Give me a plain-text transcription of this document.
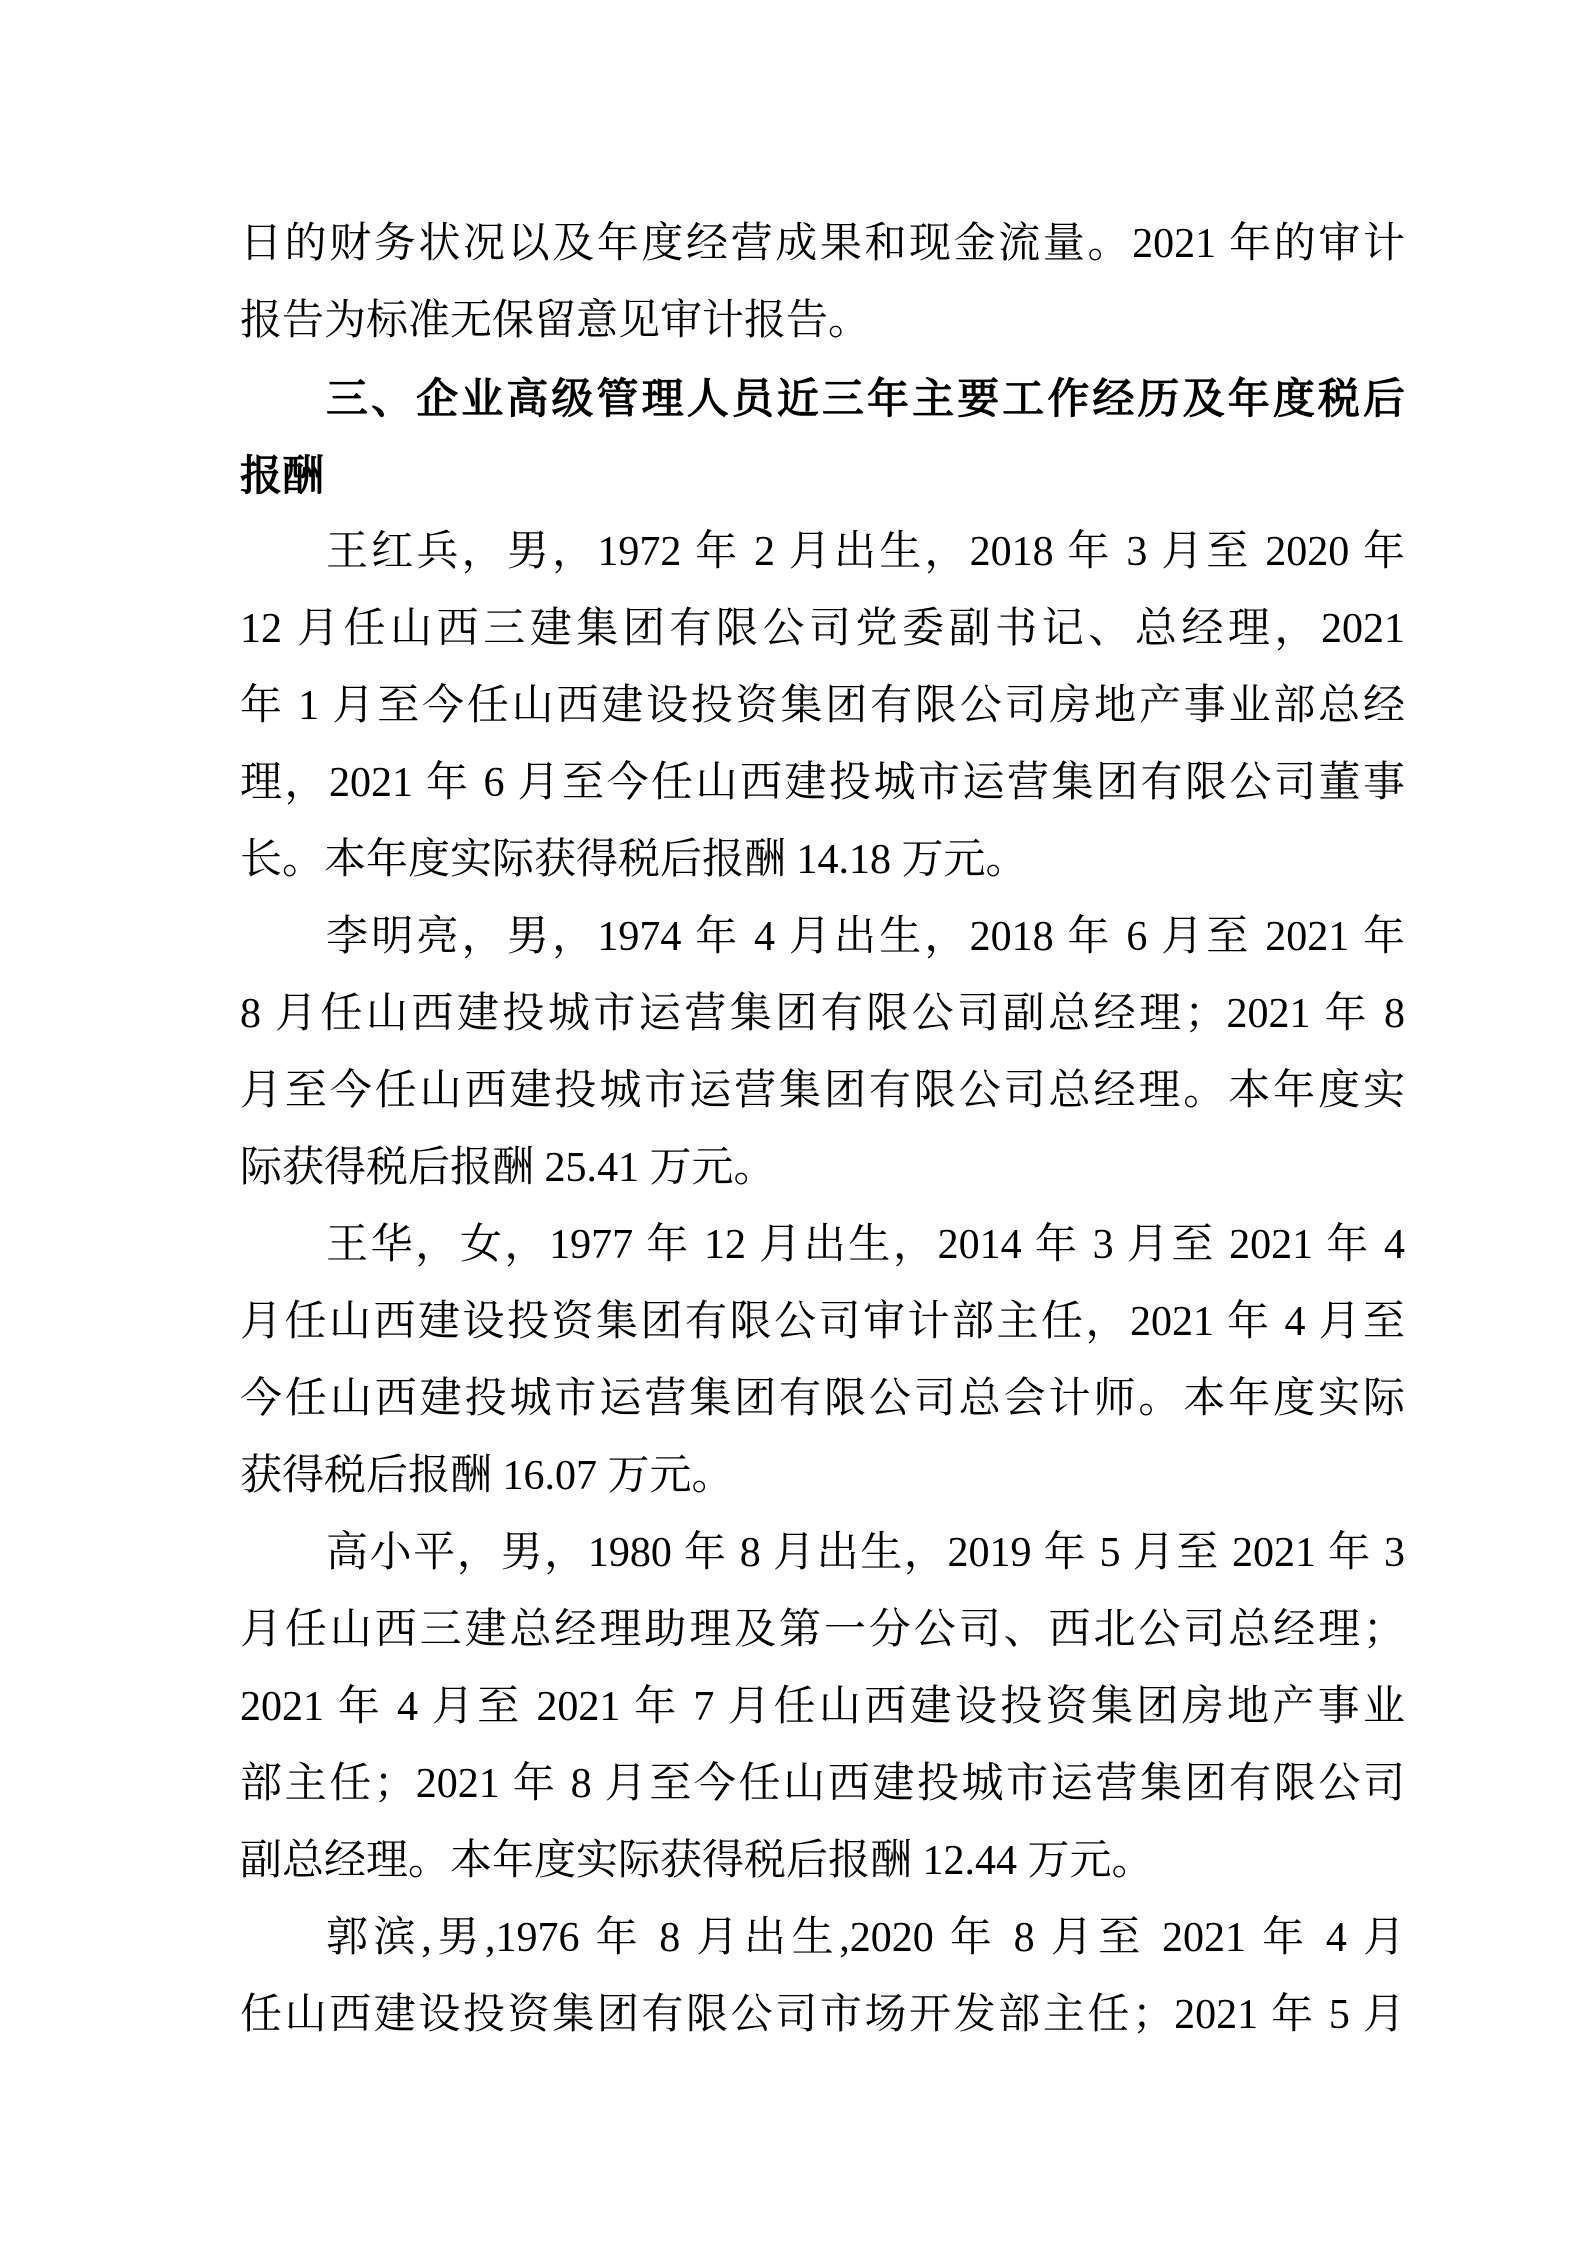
日的财务状况以及年度经营成果和现金流量。2021 年的审计
报告为标准无保留意见审计报告。
三、企业高级管理人员近三年主要工作经历及年度税后
报酬
王红兵，男，1972 年 2 月出生，2018 年 3 月至 2020 年
12 月任山西三建集团有限公司党委副书记、总经理，2021
年 1 月至今任山西建设投资集团有限公司房地产事业部总经
理，2021 年 6 月至今任山西建投城市运营集团有限公司董事
长。本年度实际获得税后报酬 14.18 万元。
李明亮，男，1974 年 4 月出生，2018 年 6 月至 2021 年
8 月任山西建投城市运营集团有限公司副总经理；2021 年 8
月至今任山西建投城市运营集团有限公司总经理。本年度实
际获得税后报酬 25.41 万元。
王华，女，1977 年 12 月出生，2014 年 3 月至 2021 年 4
月任山西建设投资集团有限公司审计部主任，2021 年 4 月至
今任山西建投城市运营集团有限公司总会计师。本年度实际
获得税后报酬 16.07 万元。
高小平，男，1980 年 8 月出生，2019 年 5 月至 2021 年 3
月任山西三建总经理助理及第一分公司、西北公司总经理；
2021 年 4 月至 2021 年 7 月任山西建设投资集团房地产事业
部主任；2021 年 8 月至今任山西建投城市运营集团有限公司
副总经理。本年度实际获得税后报酬 12.44 万元。
郭滨,男,1976 年 8 月出生,2020 年 8 月至 2021 年 4 月
任山西建设投资集团有限公司市场开发部主任；2021 年 5 月
